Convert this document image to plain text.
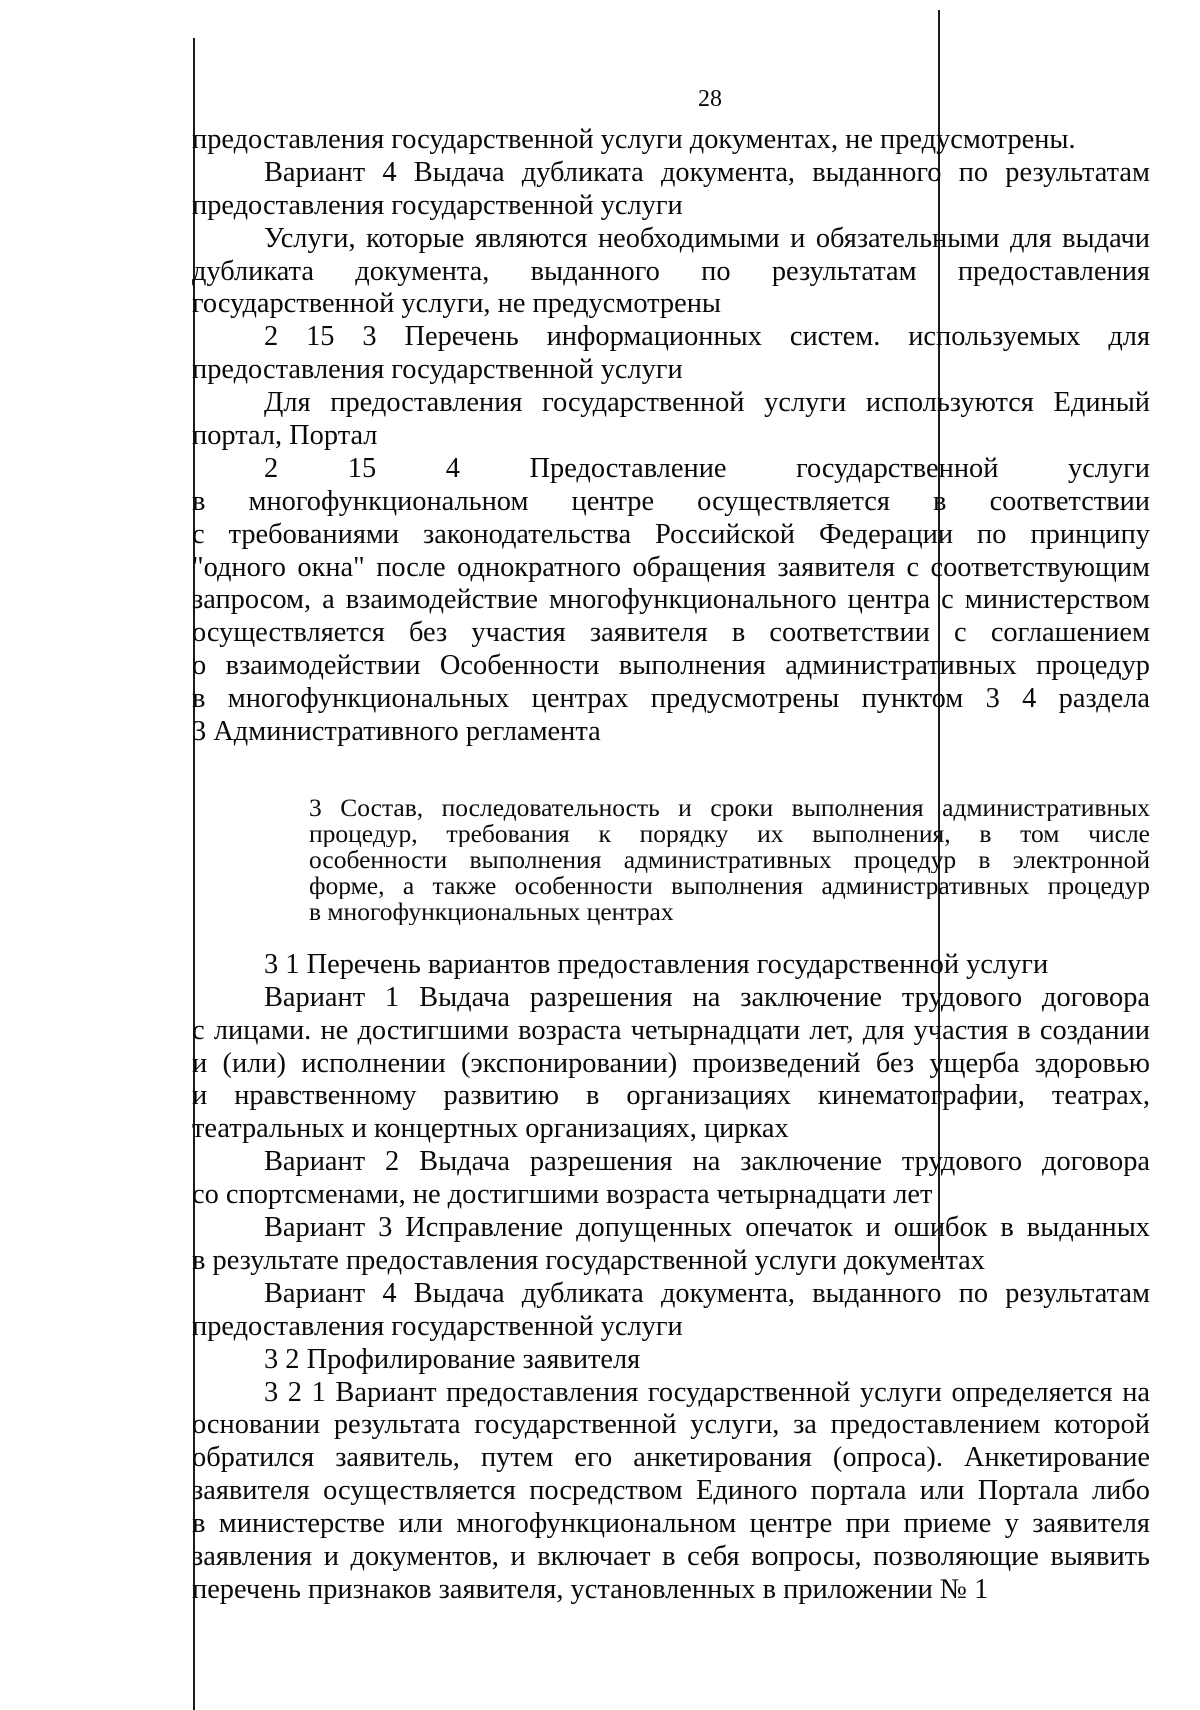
28
предоставления государственной услуги документах, не предусмотрены.
Вариант 4 Выдача дубликата документа, выданного по результатам
предоставления государственной услуги
Услуги, которые являются необходимыми и обязательными для выдачи
дубликата документа, выданного по результатам предоставления
государственной услуги, не предусмотрены
2 15 3 Перечень информационных систем. используемых для
предоставления государственной услуги
Для предоставления государственной услуги используются Единый
портал, Портал
2 15 4 Предоставление государственной услуги
в многофункциональном центре осуществляется в соответствии
с требованиями законодательства Российской Федерации по принципу
"одного окна" после однократного обращения заявителя с соответствующим
запросом, а взаимодействие многофункционального центра с министерством
осуществляется без участия заявителя в соответствии с соглашением
о взаимодействии Особенности выполнения административных процедур
в многофункциональных центрах предусмотрены пунктом 3 4 раздела
3 Административного регламента
3 Состав, последовательность и сроки выполнения административных
процедур, требования к порядку их выполнения, в том числе
особенности выполнения административных процедур в электронной
форме, а также особенности выполнения административных процедур
в многофункциональных центрах
3 1 Перечень вариантов предоставления государственной услуги
Вариант 1 Выдача разрешения на заключение трудового договора
с лицами. не достигшими возраста четырнадцати лет, для участия в создании
и (или) исполнении (экспонировании) произведений без ущерба здоровью
и нравственному развитию в организациях кинематографии, театрах,
театральных и концертных организациях, цирках
Вариант 2 Выдача разрешения на заключение трудового договора
со спортсменами, не достигшими возраста четырнадцати лет
Вариант 3 Исправление допущенных опечаток и ошибок в выданных
в результате предоставления государственной услуги документах
Вариант 4 Выдача дубликата документа, выданного по результатам
предоставления государственной услуги
3 2 Профилирование заявителя
3 2 1 Вариант предоставления государственной услуги определяется на
основании результата государственной услуги, за предоставлением которой
обратился заявитель, путем его анкетирования (опроса). Анкетирование
заявителя осуществляется посредством Единого портала или Портала либо
в министерстве или многофункциональном центре при приеме у заявителя
заявления и документов, и включает в себя вопросы, позволяющие выявить
перечень признаков заявителя, установленных в приложении № 1
